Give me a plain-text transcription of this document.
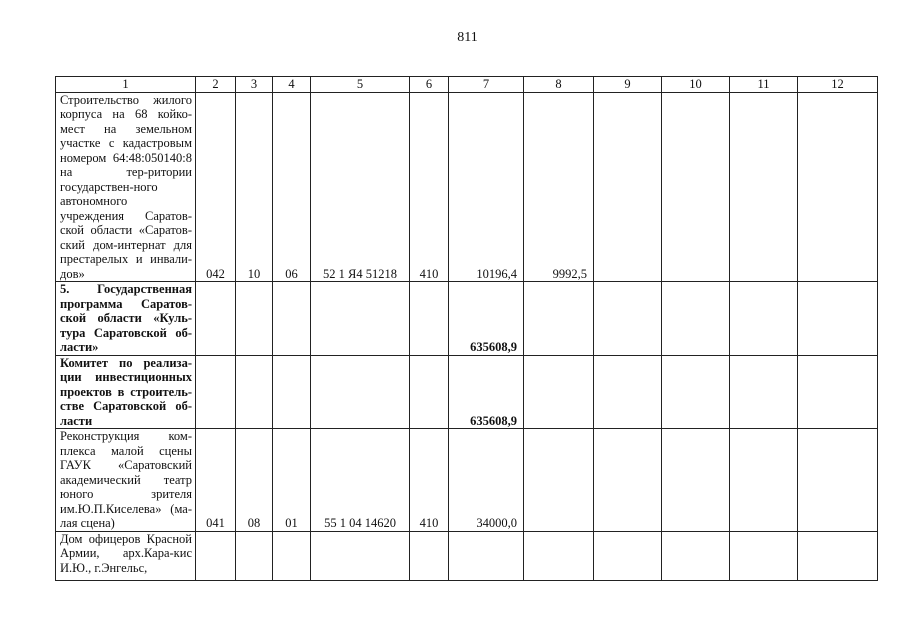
811
1	2	3	4	5	6	7	8	9	10	11	12
Строительство жилого корпуса на 68 койко-мест на земельном участке с кадастровым номером 64:48:050140:8 на тер-ритории государствен-ного автономного учреждения Саратов-ской области «Саратов-ский дом-интернат для престарелых и инвали-дов»	042	10	06	52 1 Я4 51218	410	10196,4	9992,5				
5. Государственная программа Саратов-ской области «Куль-тура Саратовской об-ласти»						635608,9					
Комитет по реализа-ции инвестиционных проектов в строитель-стве Саратовской об-ласти						635608,9					
Реконструкция ком-плекса малой сцены ГАУК «Саратовский академический театр юного зрителя им.Ю.П.Киселева» (ма-лая сцена)	041	08	01	55 1 04 14620	410	34000,0					
Дом офицеров Красной Армии, арх.Кара-кис И.Ю., г.Энгельс,											
